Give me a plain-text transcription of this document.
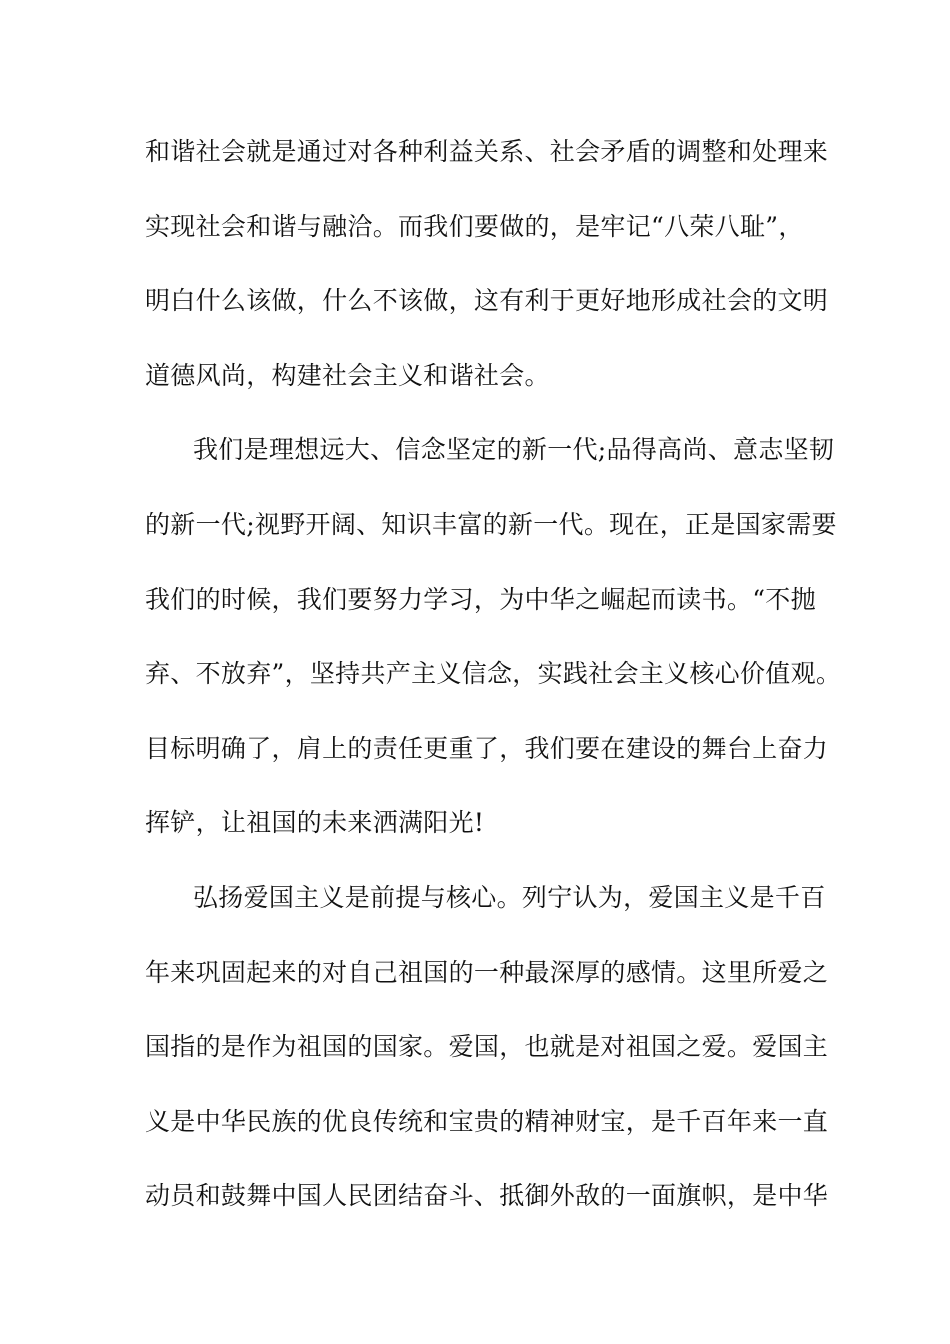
和谐社会就是通过对各种利益关系、社会矛盾的调整和处理来
实现社会和谐与融洽。而我们要做的，是牢记“八荣八耻”，
明白什么该做，什么不该做，这有利于更好地形成社会的文明
道德风尚，构建社会主义和谐社会。
我们是理想远大、信念坚定的新一代;品得高尚、意志坚韧
的新一代;视野开阔、知识丰富的新一代。现在，正是国家需要
我们的时候，我们要努力学习，为中华之崛起而读书。“不抛
弃、不放弃”，坚持共产主义信念，实践社会主义核心价值观。
目标明确了，肩上的责任更重了，我们要在建设的舞台上奋力
挥铲，让祖国的未来洒满阳光!
弘扬爱国主义是前提与核心。列宁认为，爱国主义是千百
年来巩固起来的对自己祖国的一种最深厚的感情。这里所爱之
国指的是作为祖国的国家。爱国，也就是对祖国之爱。爱国主
义是中华民族的优良传统和宝贵的精神财宝，是千百年来一直
动员和鼓舞中国人民团结奋斗、抵御外敌的一面旗帜，是中华
